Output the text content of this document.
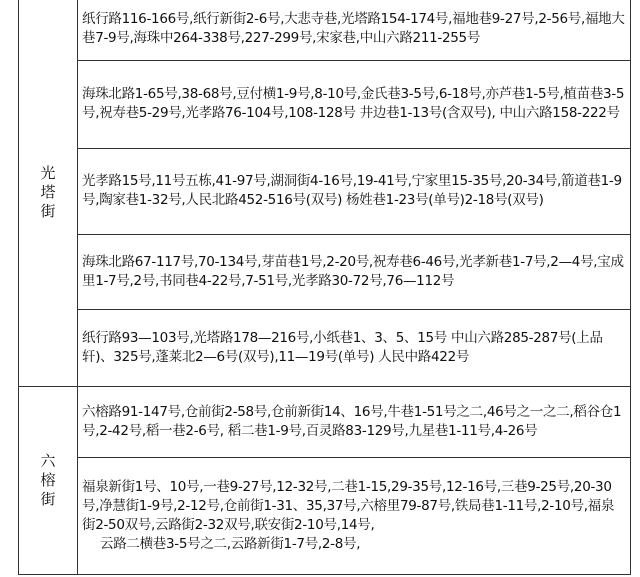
光
塔
街	纸行路116-166号,纸行新街2-6号,大悲寺巷,光塔路154-174号,福地巷9-27号,2-56号,福地大巷7-9号,海珠中264-338号,227-299号,宋家巷,中山六路211-255号
	海珠北路1-65号,38-68号,豆付横1-9号,8-10号,金氏巷3-5号,6-18号,亦芦巷1-5号,植苗巷3-5号,祝寿巷5-29号,光孝路76-104号,108-128号 井边巷1-13号(含双号), 中山六路158-222号
	光孝路15号,11号五栋,41-97号,湖洞街4-16号,19-41号,宁家里15-35号,20-34号,箭道巷1-9号,陶家巷1-32号,人民北路452-516号(双号) 杨姓巷1-23号(单号)2-18号(双号)
	海珠北路67-117号,70-134号,芽苗巷1号,2-20号,祝寿巷6-46号,光孝新巷1-7号,2—4号,宝成里1-7号,2号,书同巷4-22号,7-51号,光孝路30-72号,76—112号
	纸行路93—103号,光塔路178—216号,小纸巷1、3、5、15号 中山六路285-287号(上品轩)、325号,蓬莱北2—6号(双号),11—19号(单号) 人民中路422号

六
榕
街	六榕路91-147号,仓前街2-58号,仓前新街14、16号,牛巷1-51号之二,46号之一之二,稻谷仓1号,2-42号,稻一巷2-6号, 稻二巷1-9号,百灵路83-129号,九星巷1-11号,4-26号
	福泉新街1号、10号,一巷9-27号,12-32号,二巷1-15,29-35号,12-16号,三巷9-25号,20-30号,净慧街1-9号,2-12号,仓前街1-31、35,37号,六榕里79-87号,铁局巷1-11号,2-10号,福泉街2-50双号,云路街2-32双号,联安街2-10号,14号,
云路二横巷3-5号之二,云路新街1-7号,2-8号,
